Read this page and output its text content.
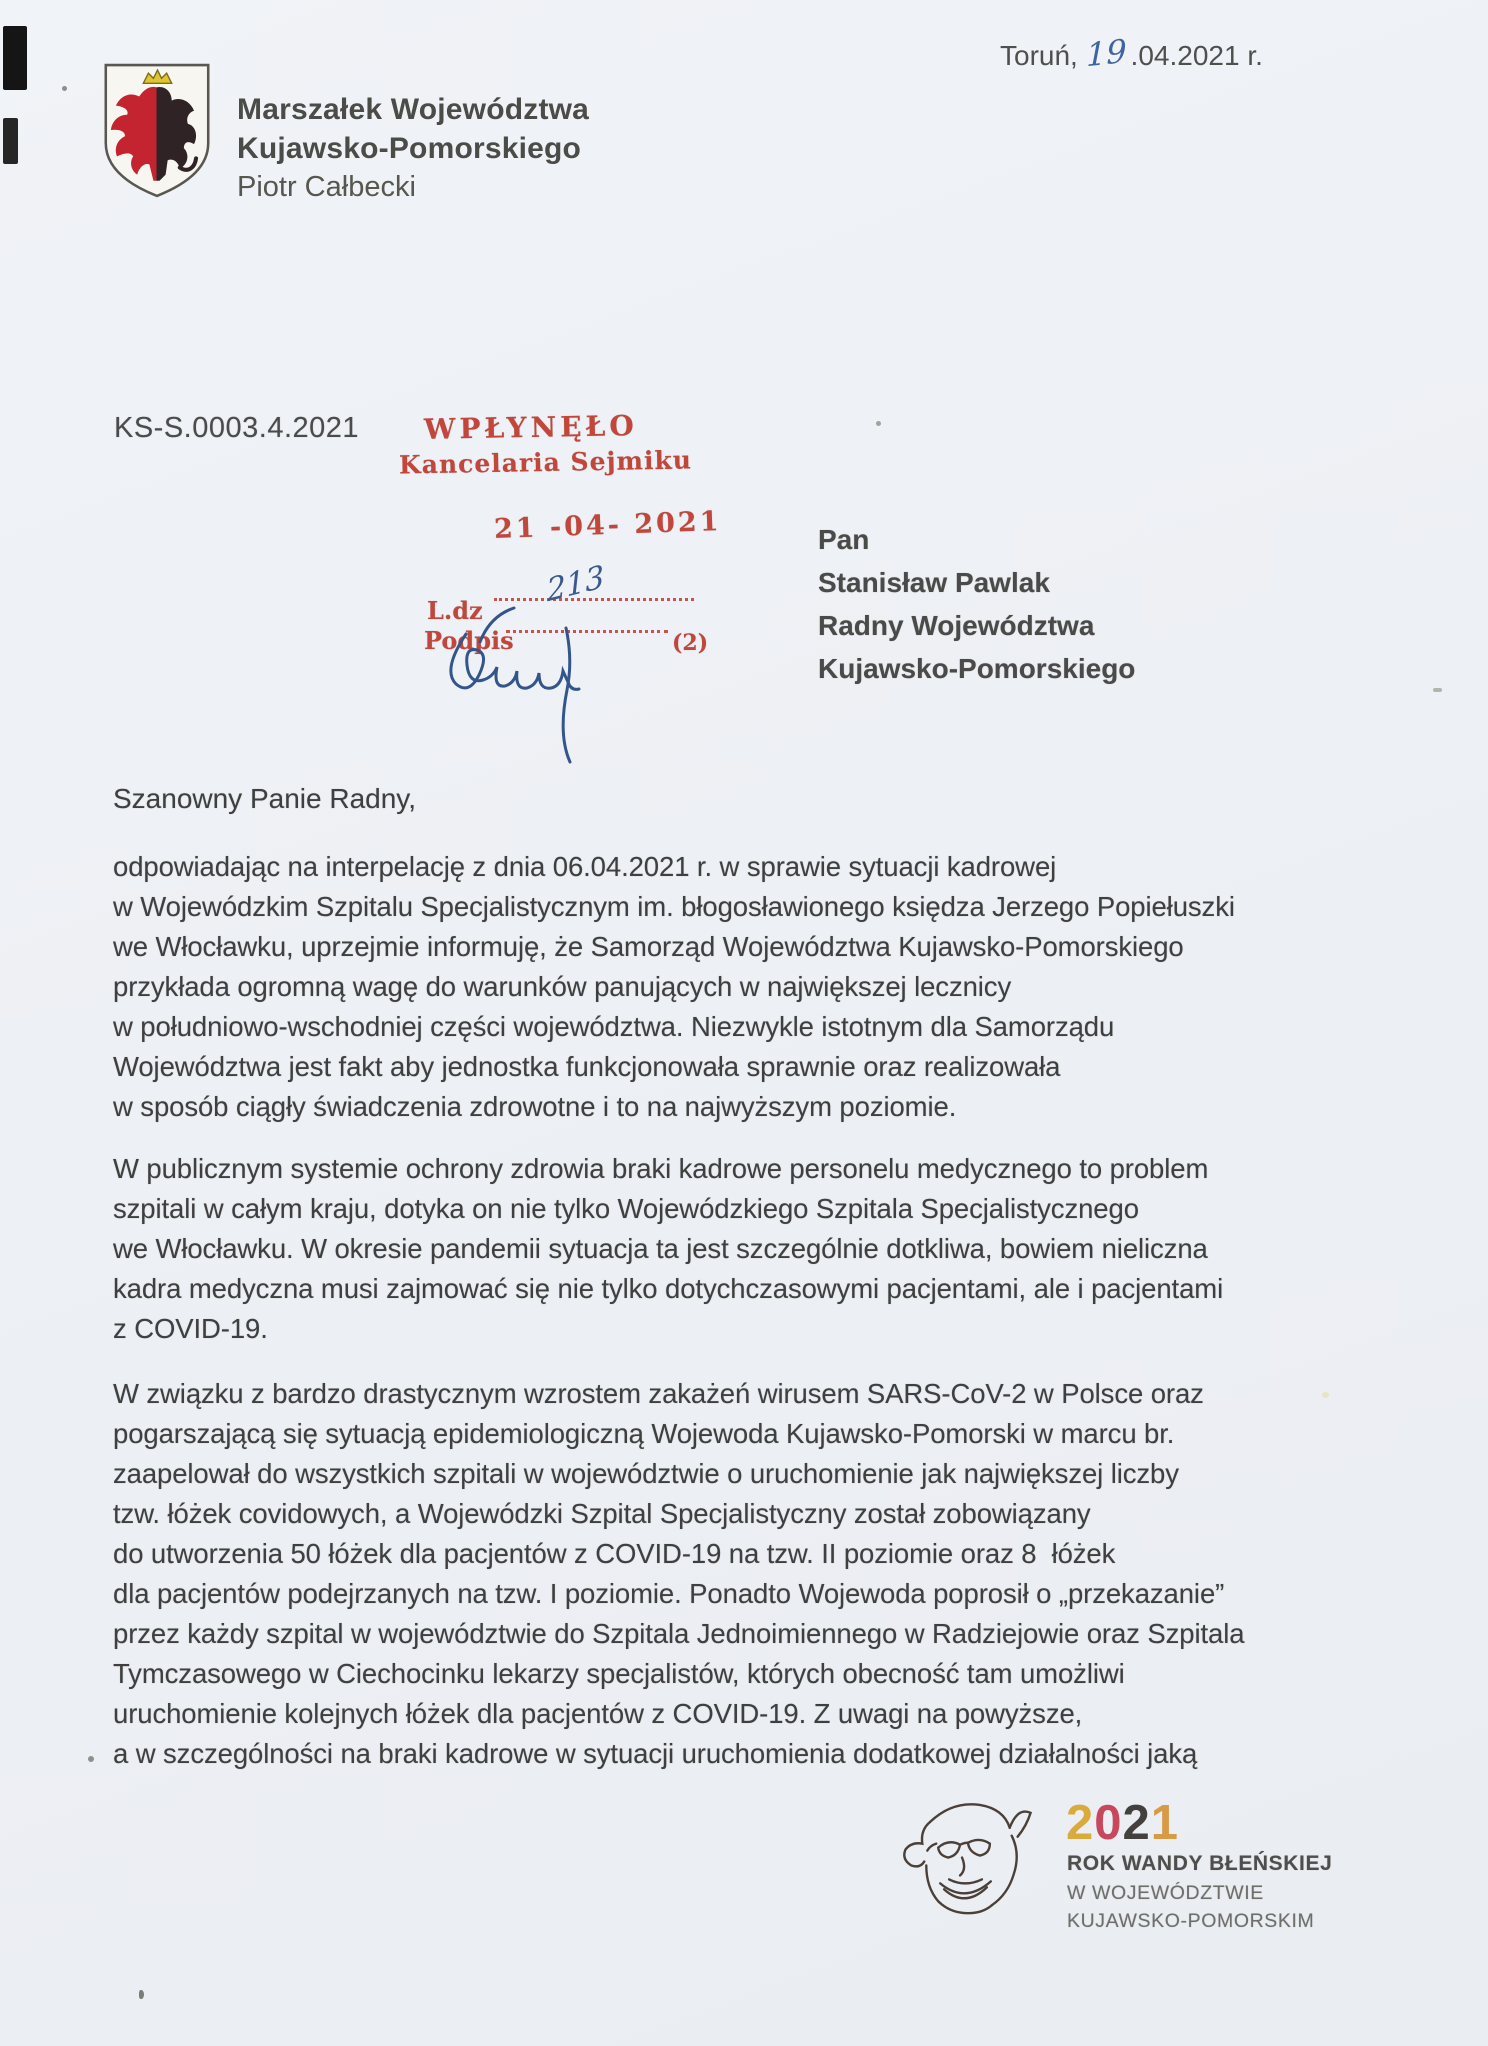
Marszałek Województwa
Kujawsko-Pomorskiego
Piotr Całbecki
Toruń, 19 .04.2021 r.
KS-S.0003.4.2021 WPŁYNĘŁO
Kancelaria Sejmiku
21 -04- 2021
L.dz
Podpis	(2)
213
Pan
Stanisław Pawlak
Radny Województwa
Kujawsko-Pomorskiego
Szanowny Panie Radny,
odpowiadając na interpelację z dnia 06.04.2021 r. w sprawie sytuacji kadrowej
w Wojewódzkim Szpitalu Specjalistycznym im. błogosławionego księdza Jerzego Popiełuszki
we Włocławku, uprzejmie informuję, że Samorząd Województwa Kujawsko-Pomorskiego
przykłada ogromną wagę do warunków panujących w największej lecznicy
w południowo-wschodniej części województwa. Niezwykle istotnym dla Samorządu
Województwa jest fakt aby jednostka funkcjonowała sprawnie oraz realizowała
w sposób ciągły świadczenia zdrowotne i to na najwyższym poziomie.
W publicznym systemie ochrony zdrowia braki kadrowe personelu medycznego to problem
szpitali w całym kraju, dotyka on nie tylko Wojewódzkiego Szpitala Specjalistycznego
we Włocławku. W okresie pandemii sytuacja ta jest szczególnie dotkliwa, bowiem nieliczna
kadra medyczna musi zajmować się nie tylko dotychczasowymi pacjentami, ale i pacjentami
z COVID-19.
W związku z bardzo drastycznym wzrostem zakażeń wirusem SARS-CoV-2 w Polsce oraz
pogarszającą się sytuacją epidemiologiczną Wojewoda Kujawsko-Pomorski w marcu br.
zaapelował do wszystkich szpitali w województwie o uruchomienie jak największej liczby
tzw. łóżek covidowych, a Wojewódzki Szpital Specjalistyczny został zobowiązany
do utworzenia 50 łóżek dla pacjentów z COVID-19 na tzw. II poziomie oraz 8  łóżek
dla pacjentów podejrzanych na tzw. I poziomie. Ponadto Wojewoda poprosił o „przekazanie”
przez każdy szpital w województwie do Szpitala Jednoimiennego w Radziejowie oraz Szpitala
Tymczasowego w Ciechocinku lekarzy specjalistów, których obecność tam umożliwi
uruchomienie kolejnych łóżek dla pacjentów z COVID-19. Z uwagi na powyższe,
a w szczególności na braki kadrowe w sytuacji uruchomienia dodatkowej działalności jaką
2021
ROK WANDY BŁEŃSKIEJ
W WOJEWÓDZTWIE
KUJAWSKO-POMORSKIM
